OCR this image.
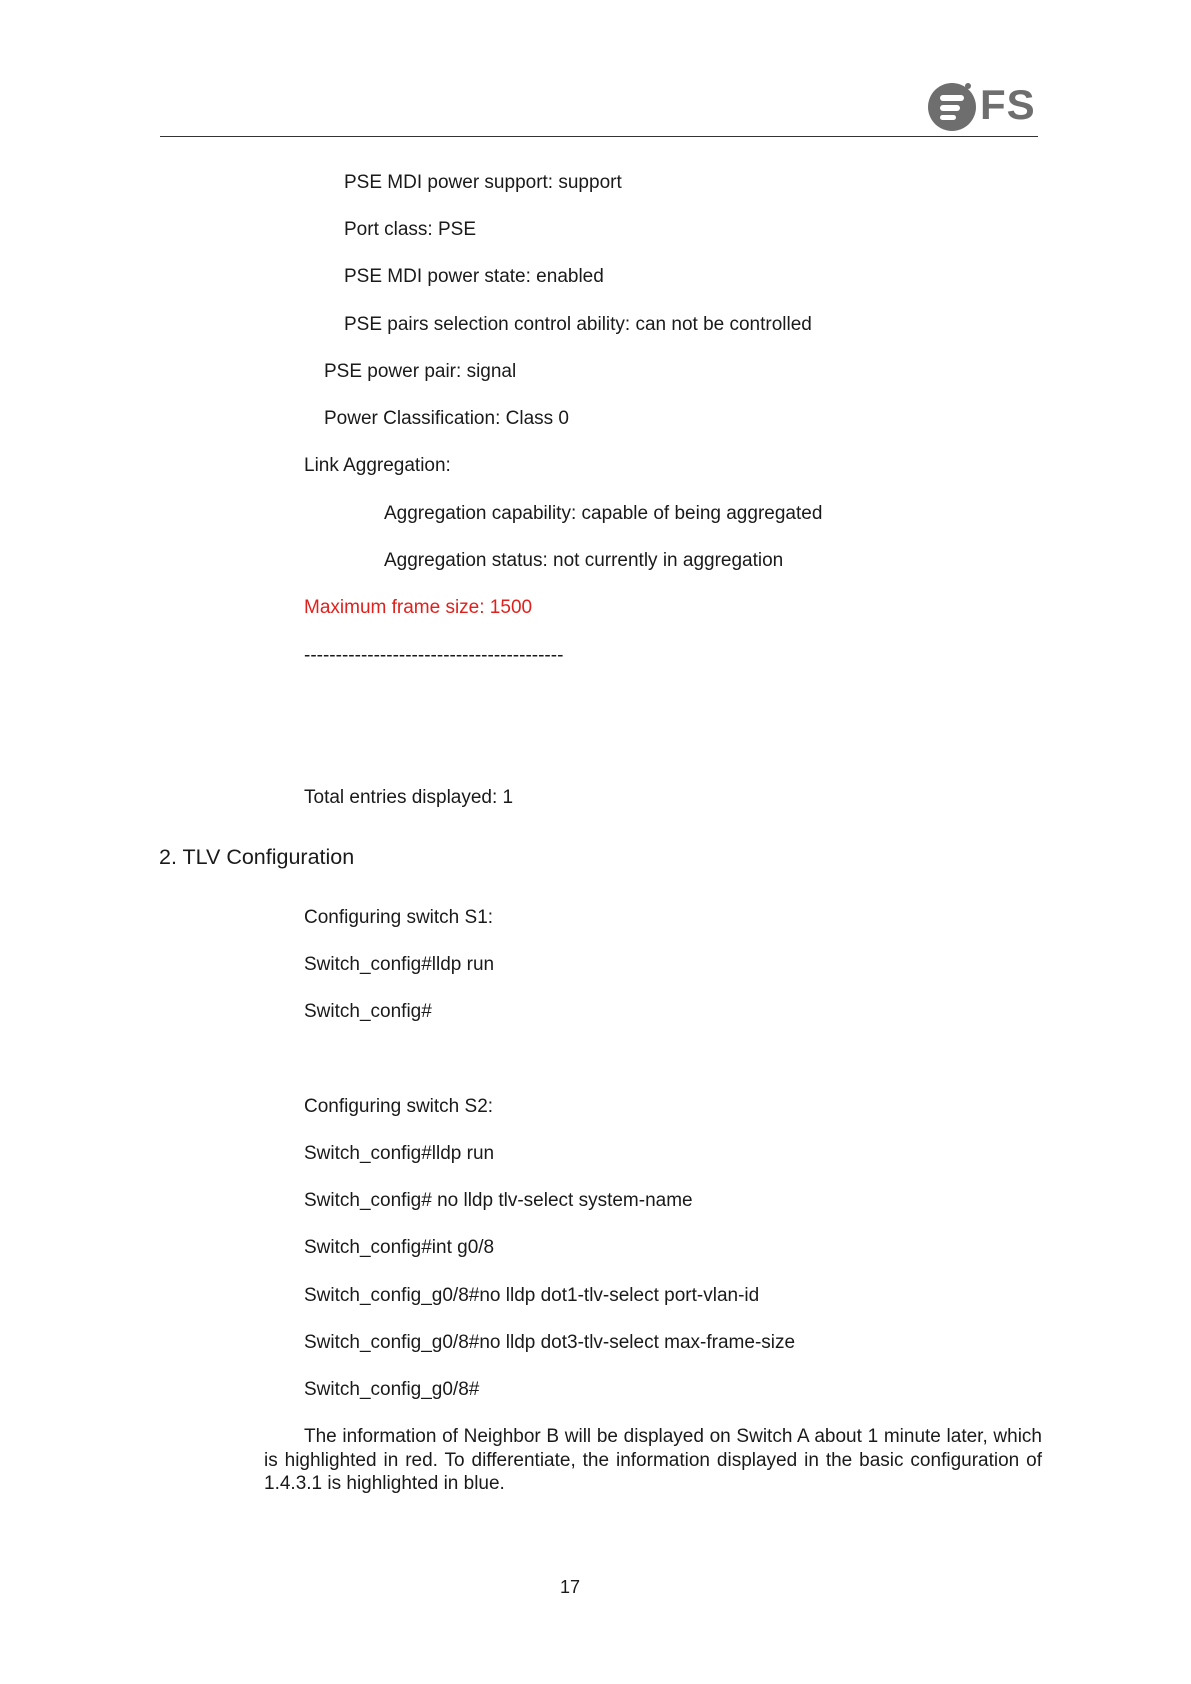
FS
PSE MDI power support: support
Port class: PSE
PSE MDI power state: enabled
PSE pairs selection control ability: can not be controlled
PSE power pair: signal
Power Classification: Class 0
Link Aggregation:
Aggregation capability: capable of being aggregated
Aggregation status: not currently in aggregation
Maximum frame size: 1500
-----------------------------------------
Total entries displayed: 1
2. TLV Configuration
Configuring switch S1:
Switch_config#lldp run
Switch_config#
Configuring switch S2:
Switch_config#lldp run
Switch_config# no lldp tlv-select system-name
Switch_config#int g0/8
Switch_config_g0/8#no lldp dot1-tlv-select port-vlan-id
Switch_config_g0/8#no lldp dot3-tlv-select max-frame-size
Switch_config_g0/8#
The information of Neighbor B will be displayed on Switch A about 1 minute later, which is highlighted in red. To differentiate, the information displayed in the basic configuration of 1.4.3.1 is highlighted in blue.
17
